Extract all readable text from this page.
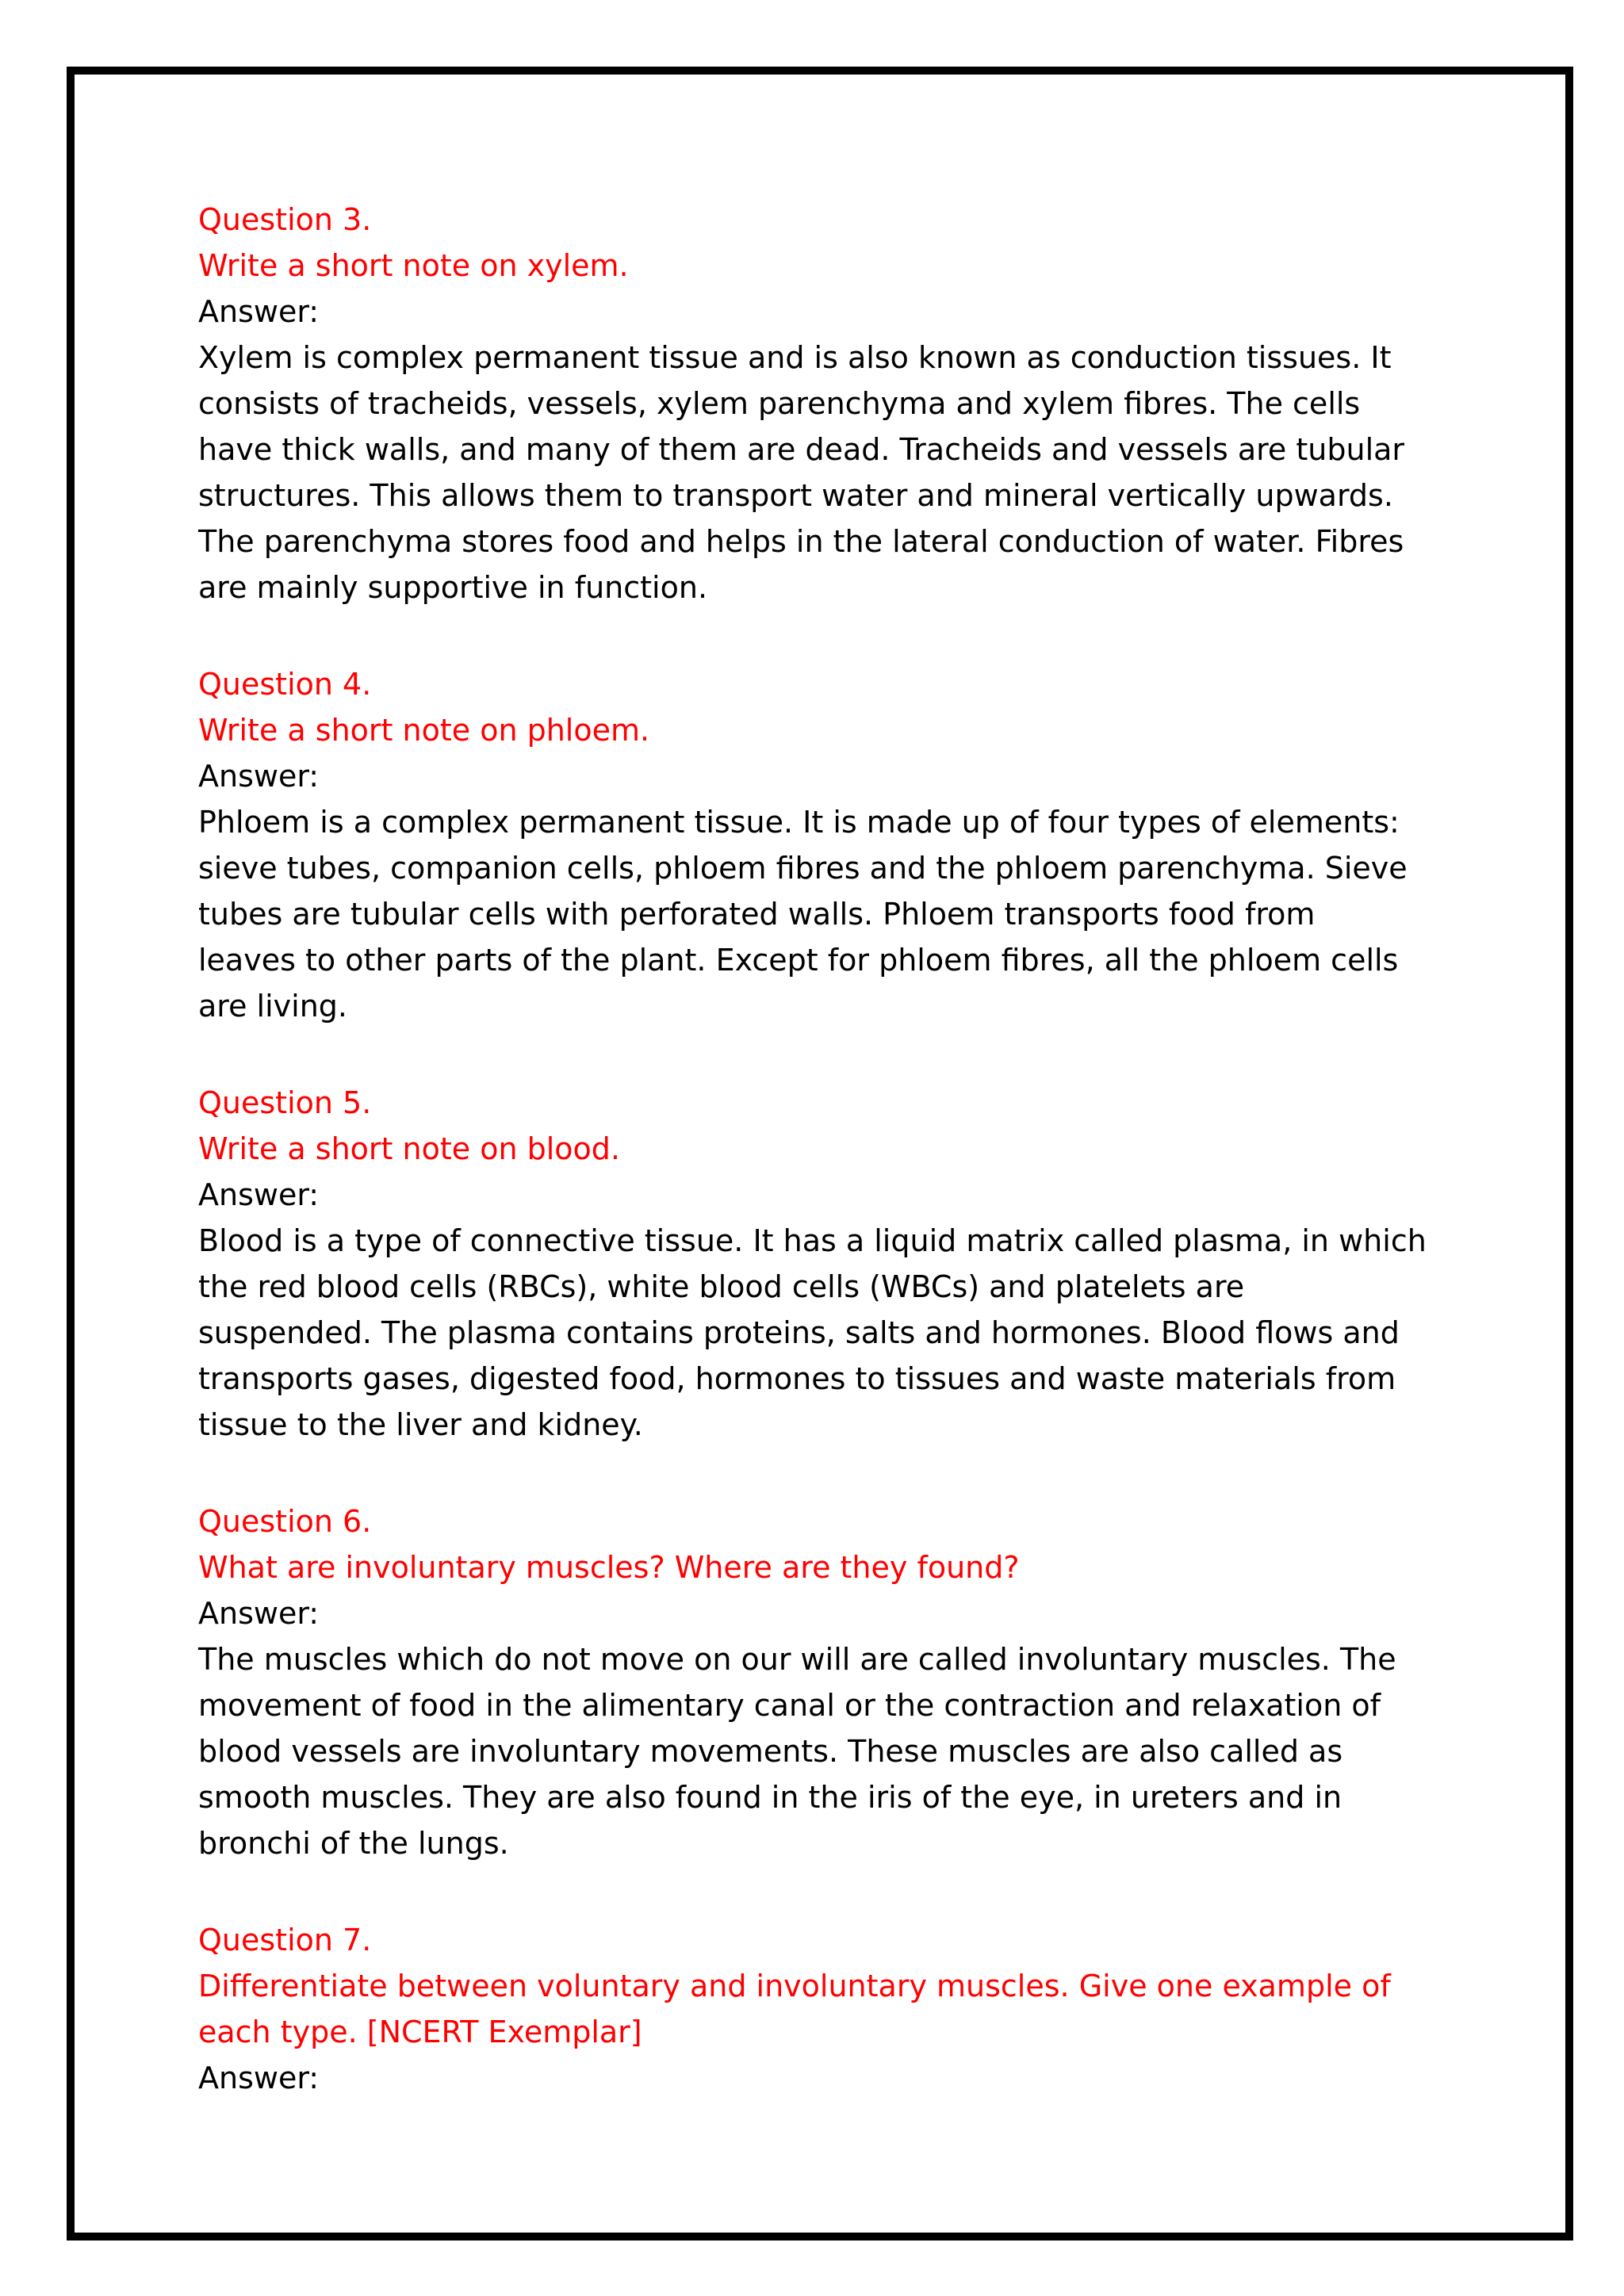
Question 3.
Write a short note on xylem.
Answer:
Xylem is complex permanent tissue and is also known as conduction tissues. It
consists of tracheids, vessels, xylem parenchyma and xylem fibres. The cells
have thick walls, and many of them are dead. Tracheids and vessels are tubular
structures. This allows them to transport water and mineral vertically upwards.
The parenchyma stores food and helps in the lateral conduction of water. Fibres
are mainly supportive in function.
Question 4.
Write a short note on phloem.
Answer:
Phloem is a complex permanent tissue. It is made up of four types of elements:
sieve tubes, companion cells, phloem fibres and the phloem parenchyma. Sieve
tubes are tubular cells with perforated walls. Phloem transports food from
leaves to other parts of the plant. Except for phloem fibres, all the phloem cells
are living.
Question 5.
Write a short note on blood.
Answer:
Blood is a type of connective tissue. It has a liquid matrix called plasma, in which
the red blood cells (RBCs), white blood cells (WBCs) and platelets are
suspended. The plasma contains proteins, salts and hormones. Blood flows and
transports gases, digested food, hormones to tissues and waste materials from
tissue to the liver and kidney.
Question 6.
What are involuntary muscles? Where are they found?
Answer:
The muscles which do not move on our will are called involuntary muscles. The
movement of food in the alimentary canal or the contraction and relaxation of
blood vessels are involuntary movements. These muscles are also called as
smooth muscles. They are also found in the iris of the eye, in ureters and in
bronchi of the lungs.
Question 7.
Differentiate between voluntary and involuntary muscles. Give one example of
each type. [NCERT Exemplar]
Answer:
